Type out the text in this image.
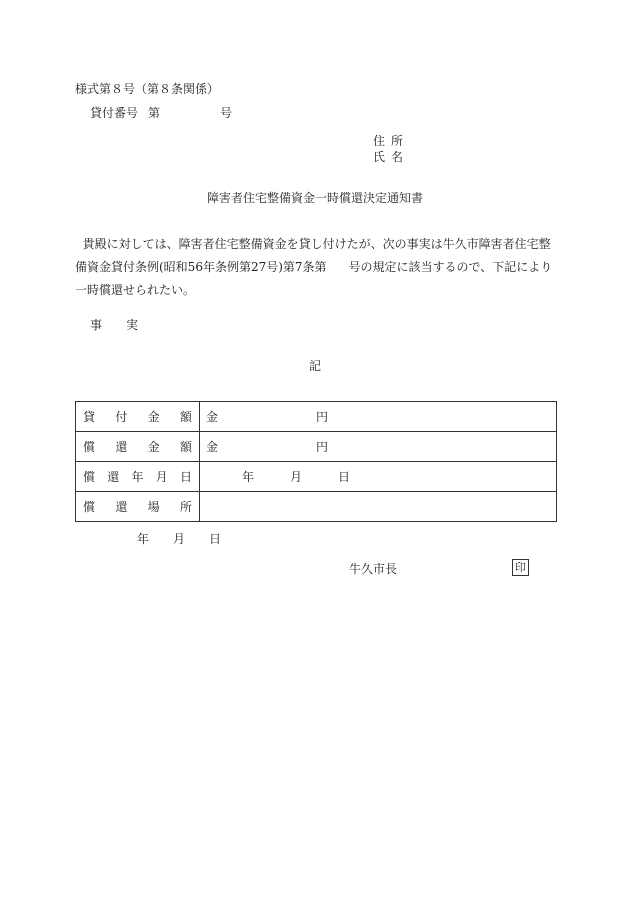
様式第８号（第８条関係）
貸付番号 第	号
住所
氏名
障害者住宅整備資金一時償還決定通知書
貴殿に対しては、障害者住宅整備資金を貸し付けたが、次の事実は牛久市障害者住宅整
備資金貸付条例(昭和56年条例第27号)第7条第 号の規定に該当するので、下記により
一時償還せられたい。
事 実
記
貸 付 金 額	金 円

償 還 金 額	金 円

償 還 年 月 日	年 月 日

償 還 場 所	

年 月 日
牛久市長	印
